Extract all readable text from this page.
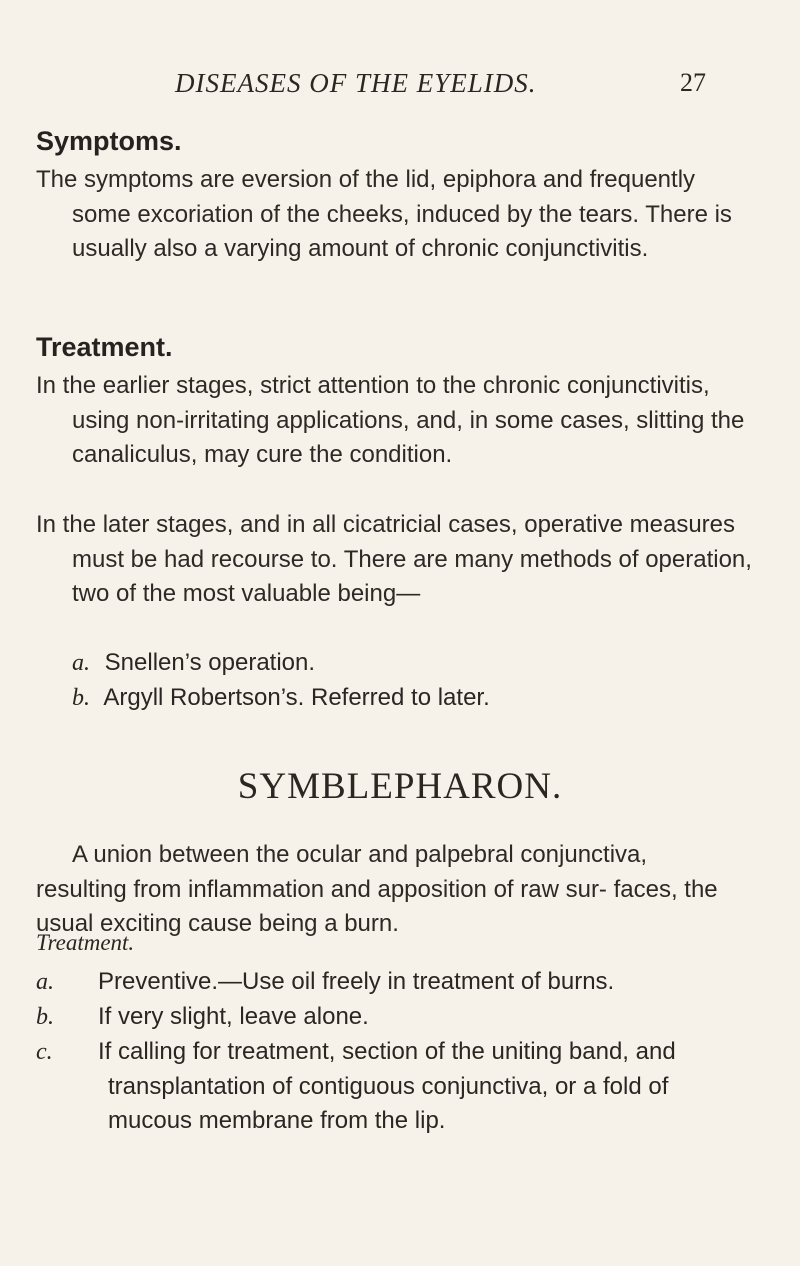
DISEASES OF THE EYELIDS.	27
Symptoms.
The symptoms are eversion of the lid, epiphora and frequently some excoriation of the cheeks, induced by the tears. There is usually also a varying amount of chronic conjunctivitis.
Treatment.
In the earlier stages, strict attention to the chronic conjunctivitis, using non-irritating applications, and, in some cases, slitting the canaliculus, may cure the condition.
In the later stages, and in all cicatricial cases, operative measures must be had recourse to. There are many methods of operation, two of the most valuable being—
a. Snellen’s operation.
b. Argyll Robertson’s. Referred to later.
SYMBLEPHARON.
A union between the ocular and palpebral conjunctiva, resulting from inflammation and apposition of raw sur- faces, the usual exciting cause being a burn.
Treatment.
a. Preventive.—Use oil freely in treatment of burns.
b. If very slight, leave alone.
c. If calling for treatment, section of the uniting band, and transplantation of contiguous conjunctiva, or a fold of mucous membrane from the lip.
